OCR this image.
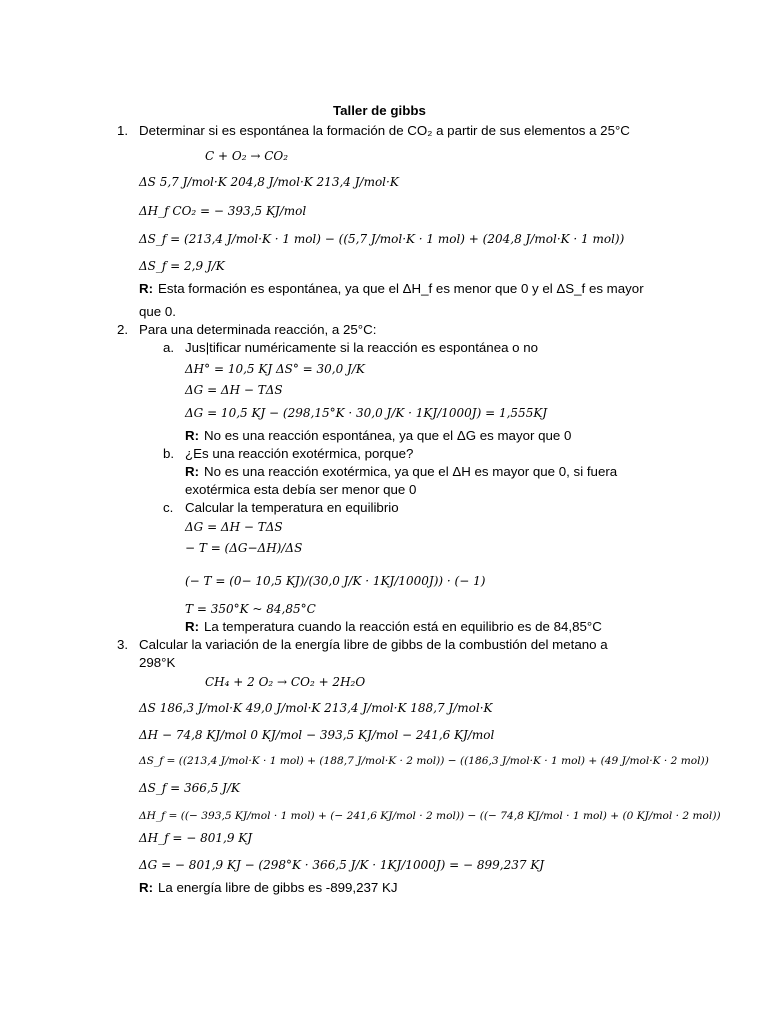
Taller de gibbs
1. Determinar si es espontánea la formación de CO₂ a partir de sus elementos a 25°C
C + O₂ → CO₂
ΔS 5,7 J/mol·K 204,8 J/mol·K 213,4 J/mol·K
ΔH_f CO₂ = − 393,5 KJ/mol
ΔS_f = (213,4 J/mol·K · 1 mol) − ((5,7 J/mol·K · 1 mol) + (204,8 J/mol·K · 1 mol))
ΔS_f = 2,9 J/K
R: Esta formación es espontánea, ya que el ΔH_f es menor que 0 y el ΔS_f es mayor
que 0.
2. Para una determinada reacción, a 25°C:
a. Jus|tificar numéricamente si la reacción es espontánea o no
ΔH° = 10,5 KJ ΔS° = 30,0 J/K
ΔG = ΔH − TΔS
ΔG = 10,5 KJ − (298,15°K · 30,0 J/K · 1KJ/1000J) = 1,555KJ
R: No es una reacción espontánea, ya que el ΔG es mayor que 0
b. ¿Es una reacción exotérmica, porque?
R: No es una reacción exotérmica, ya que el ΔH es mayor que 0, si fuera
exotérmica esta debía ser menor que 0
c. Calcular la temperatura en equilibrio
ΔG = ΔH − TΔS
− T = (ΔG−ΔH)/ΔS
(− T = (0− 10,5 KJ)/(30,0 J/K · 1KJ/1000J)) · (− 1)
T = 350°K ~ 84,85°C
R: La temperatura cuando la reacción está en equilibrio es de 84,85°C
3. Calcular la variación de la energía libre de gibbs de la combustión del metano a
298°K
CH₄ + 2 O₂ → CO₂ + 2H₂O
ΔS 186,3 J/mol·K 49,0 J/mol·K 213,4 J/mol·K 188,7 J/mol·K
ΔH − 74,8 KJ/mol 0 KJ/mol − 393,5 KJ/mol − 241,6 KJ/mol
ΔS_f = ((213,4 J/mol·K · 1 mol) + (188,7 J/mol·K · 2 mol)) − ((186,3 J/mol·K · 1 mol) + (49 J/mol·K · 2 mol))
ΔS_f = 366,5 J/K
ΔH_f = ((− 393,5 KJ/mol · 1 mol) + (− 241,6 KJ/mol · 2 mol)) − ((− 74,8 KJ/mol · 1 mol) + (0 KJ/mol · 2 mol))
ΔH_f = − 801,9 KJ
ΔG = − 801,9 KJ − (298°K · 366,5 J/K · 1KJ/1000J) = − 899,237 KJ
R: La energía libre de gibbs es -899,237 KJ
